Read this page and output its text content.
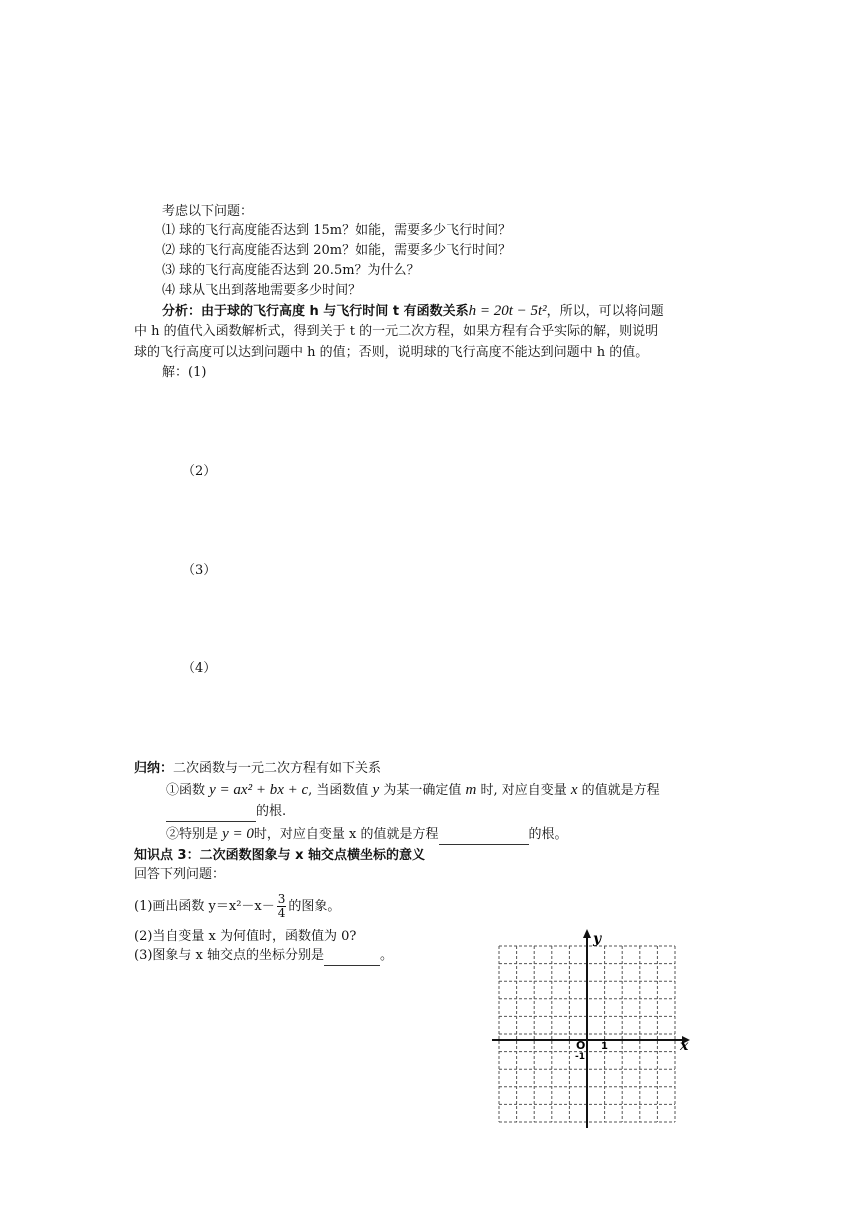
考虑以下问题：
⑴ 球的飞行高度能否达到 15m？如能，需要多少飞行时间？
⑵ 球的飞行高度能否达到 20m？如能，需要多少飞行时间？
⑶ 球的飞行高度能否达到 20.5m？为什么？
⑷ 球从飞出到落地需要多少时间？
分析：由于球的飞行高度 h 与飞行时间 t 有函数关系h = 20t − 5t²，所以，可以将问题
中 h 的值代入函数解析式，得到关于 t 的一元二次方程，如果方程有合乎实际的解，则说明
球的飞行高度可以达到问题中 h 的值；否则，说明球的飞行高度不能达到问题中 h 的值。
解：(1)
（2）
（3）
（4）
归纳：二次函数与一元二次方程有如下关系
①函数 y = ax² + bx + c, 当函数值 y 为某一确定值 m 时, 对应自变量 x 的值就是方程
的根.
②特别是 y = 0时，对应自变量 x 的值就是方程	的根。
知识点 3：二次函数图象与 x 轴交点横坐标的意义
回答下列问题：
(1)画出函数 $y=x^2-x- \frac{3}{4}$ 的图象。
(2)当自变量 x 为何值时，函数值为 0?
(3)图象与 x 轴交点的坐标分别是	。
y
x
O 1
-1
